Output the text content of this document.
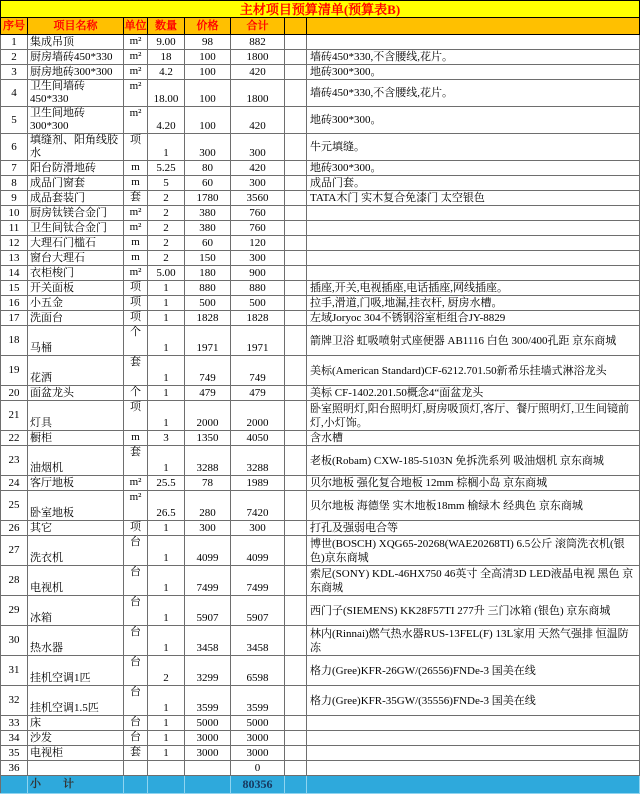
主材项目预算清单(预算表B)							
序号	项目名称	单位	数量	价格	合计		
1	集成吊顶	m²	9.00	98	882		
2	厨房墙砖450*330	m²	18	100	1800		墙砖450*330,不含腰线,花片。
3	厨房地砖300*300	m²	4.2	100	420		地砖300*300。
4	卫生间墙砖450*330	m²	18.00	100	1800		墙砖450*330,不含腰线,花片。
5	卫生间地砖300*300	m²	4.20	100	420		地砖300*300。
6	填缝剂、阳角线胶水	项	1	300	300		牛元填缝。
7	阳台防滑地砖	m	5.25	80	420		地砖300*300。
8	成品门窗套	m	5	60	300		成品门套。
9	成品套装门	套	2	1780	3560		TATA木门 实木复合免漆门 太空银色
10	厨房钛镁合金门	m²	2	380	760		
11	卫生间钛合金门	m²	2	380	760		
12	大理石门槛石	m	2	60	120		
13	窗台大理石	m	2	150	300		
14	衣柜梭门	m²	5.00	180	900		
15	开关面板	项	1	880	880		插座,开关,电视插座,电话插座,网线插座。
16	小五金	项	1	500	500		拉手,滑道,门吸,地漏,挂衣杆, 厨房水槽。
17	洗面台	项	1	1828	1828		左域Joryoc 304不锈钢浴室柜组合JY-8829
18	马桶	个	1	1971	1971		箭牌卫浴 虹吸喷射式座便器 AB1116 白色 300/400孔距 京东商城
19	花洒	套	1	749	749		美标(American Standard)CF-6212.701.50新希乐挂墙式淋浴龙头
20	面盆龙头	个	1	479	479		美标 CF-1402.201.50概念4“面盆龙头
21	灯具	项	1	2000	2000		卧室照明灯,阳台照明灯,厨房吸顶灯,客厅、餐厅照明灯,卫生间镜前灯,小灯饰。
22	橱柜	m	3	1350	4050		含水槽
23	油烟机	套	1	3288	3288		老板(Robam) CXW-185-5103N 免拆洗系列 吸油烟机 京东商城
24	客厅地板	m²	25.5	78	1989		贝尔地板 强化复合地板 12mm 棕榈小岛 京东商城
25	卧室地板	m²	26.5	280	7420		贝尔地板 海德堡 实木地板18mm 榆绿木 经典色 京东商城
26	其它	项	1	300	300		打孔及强弱电合等
27	洗衣机	台	1	4099	4099		博世(BOSCH) XQG65-20268(WAE20268TI) 6.5公斤 滚筒洗衣机(银色)京东商城
28	电视机	台	1	7499	7499		索尼(SONY) KDL-46HX750 46英寸 全高清3D LED液晶电视 黑色 京东商城
29	冰箱	台	1	5907	5907		西门子(SIEMENS) KK28F57TI 277升 三门冰箱 (银色) 京东商城
30	热水器	台	1	3458	3458		林内(Rinnai)燃气热水器RUS-13FEL(F) 13L家用 天然气强排 恒温防冻
31	挂机空调1匹	台	2	3299	6598		格力(Gree)KFR-26GW/(26556)FNDe-3 国美在线
32	挂机空调1.5匹	台	1	3599	3599		格力(Gree)KFR-35GW/(35556)FNDe-3 国美在线
33	床	台	1	5000	5000		
34	沙发	台	1	3000	3000		
35	电视柜	套	1	3000	3000		
36					0		
	小　　计				80356		
